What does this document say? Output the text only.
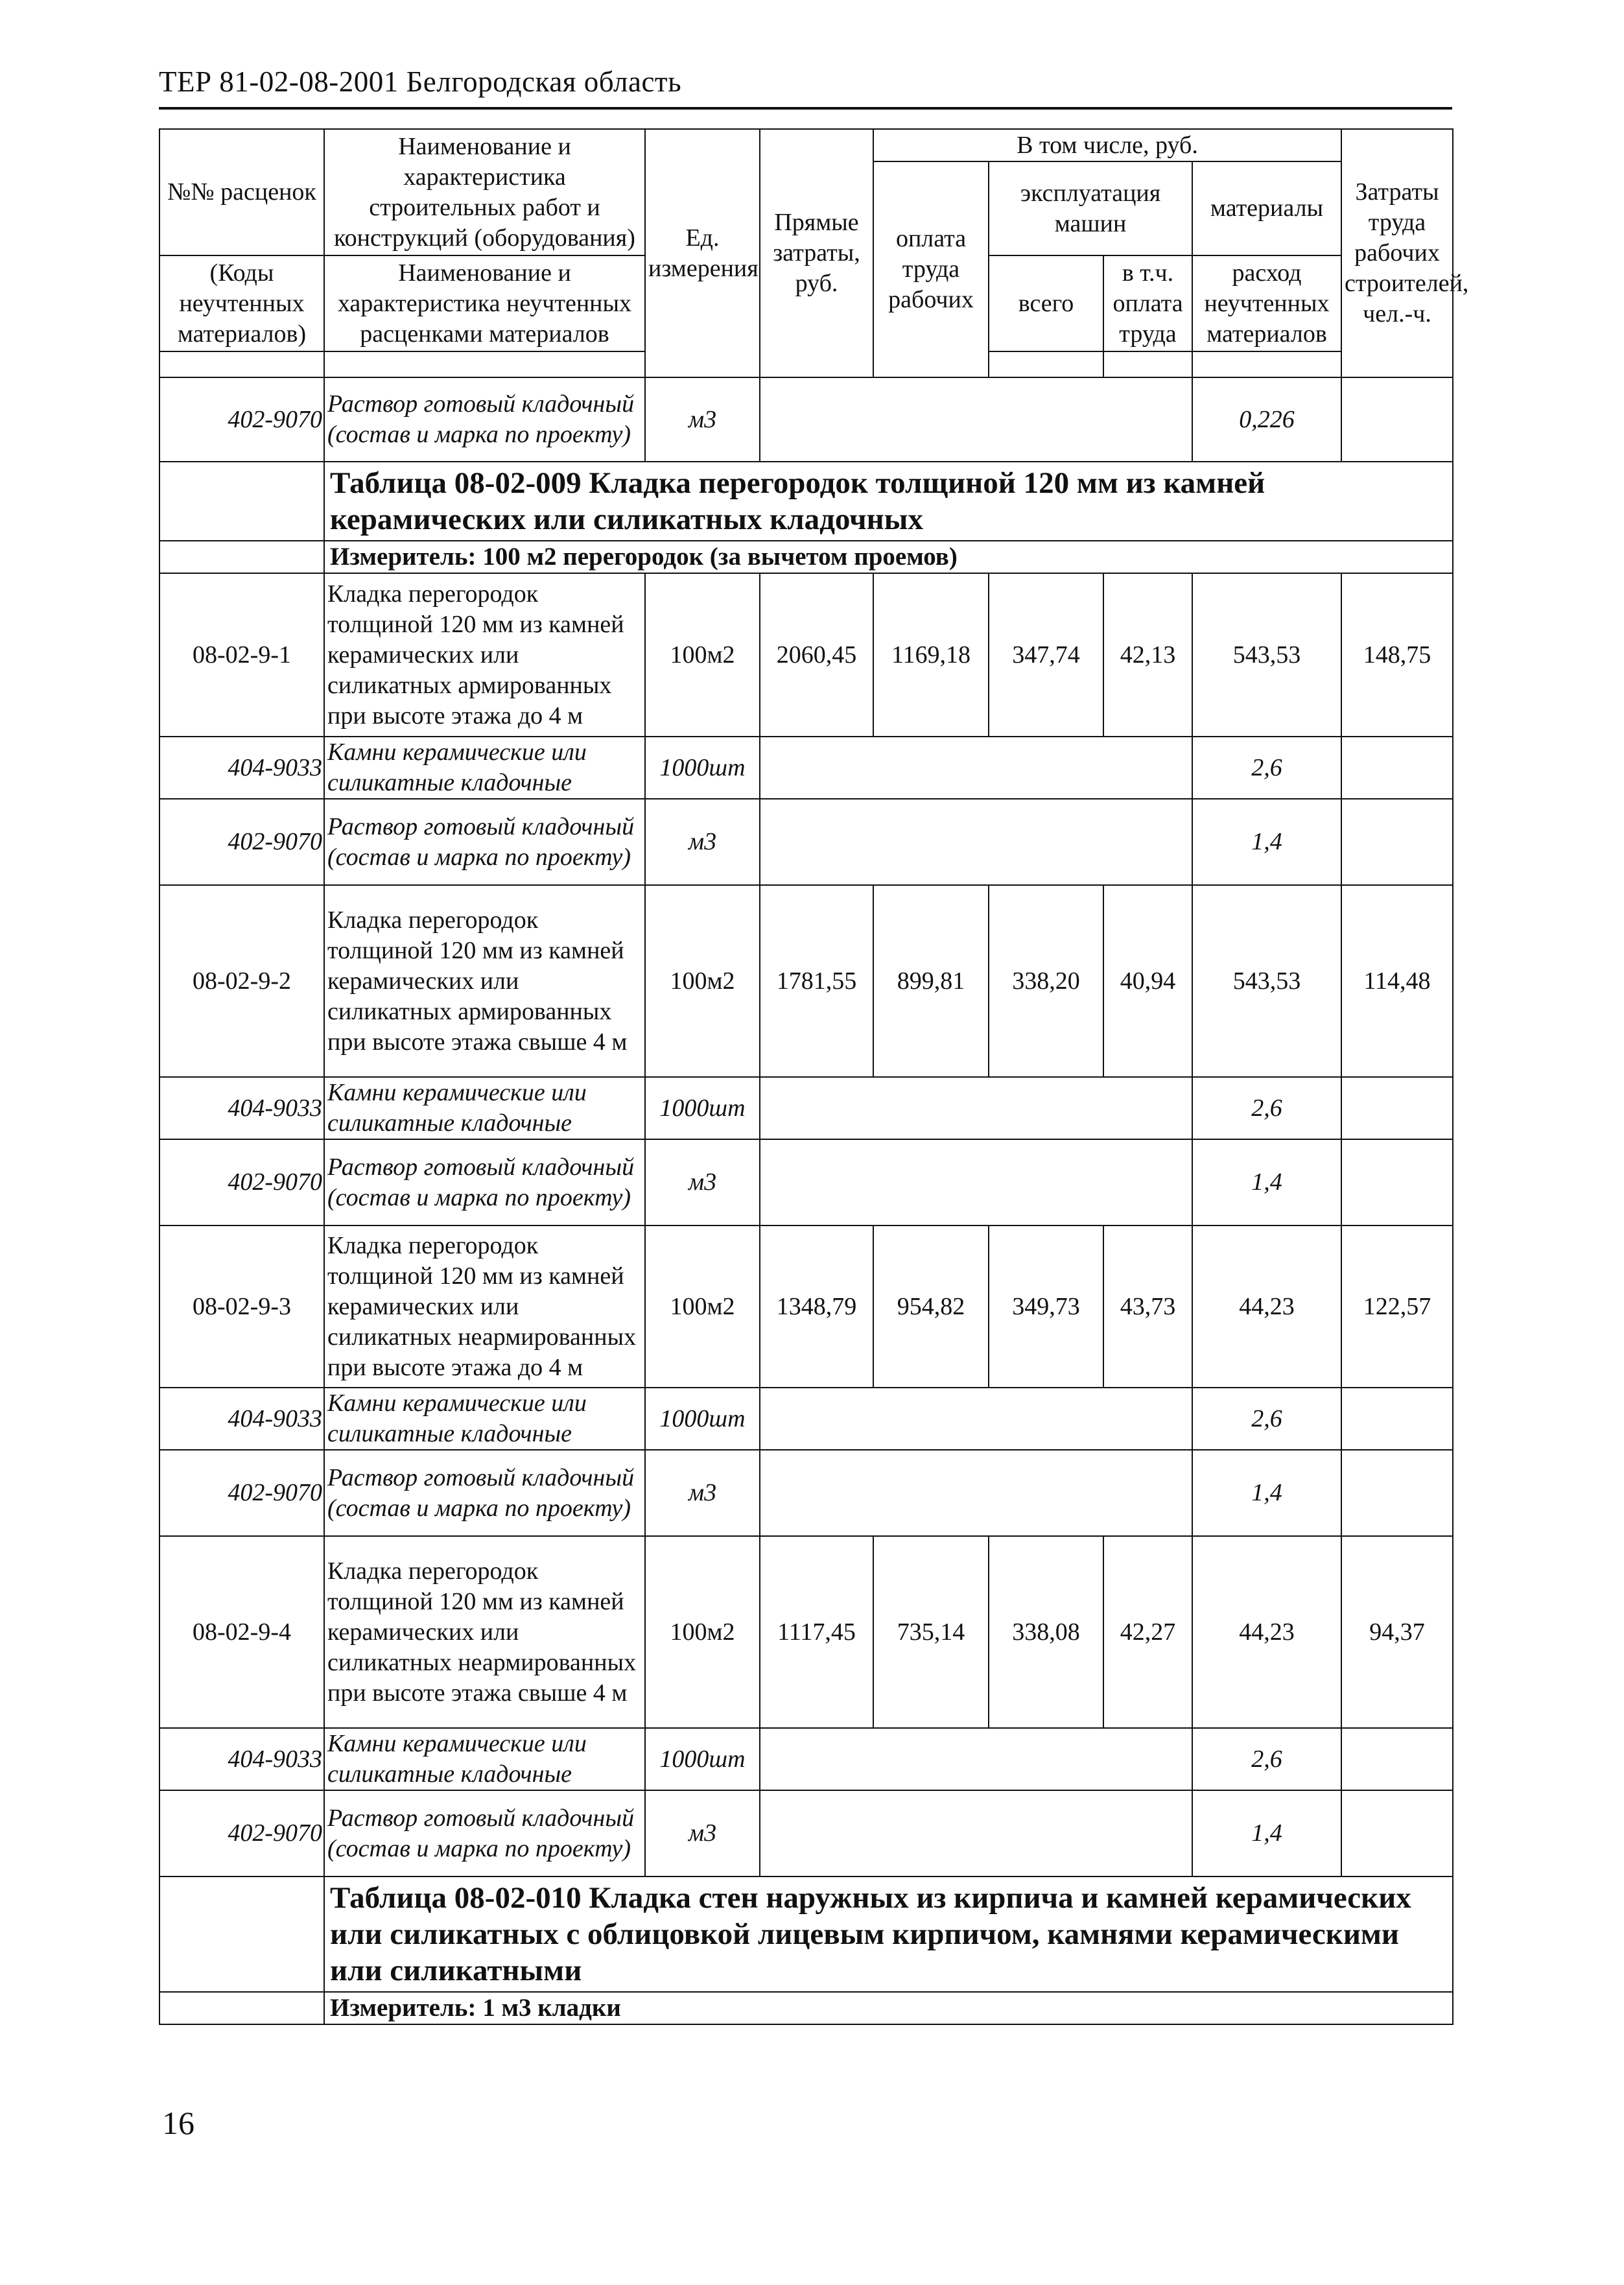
ТЕР 81-02-08-2001 Белгородская область
№№ расценок	Наименование и характеристика строительных работ и конструкций (оборудования)	Ед. измерения	Прямые затраты, руб.	В том числе, руб.				Затраты труда рабочих строителей, чел.-ч.
				оплата труда рабочих	эксплуатация машин		материалы	
(Коды неучтенных материалов)	Наименование и характеристика неучтенных расценками материалов				всего	в т.ч. оплата труда	расход неучтенных материалов	

402-9070	Раствор готовый кладочный (состав и марка по проекту)	м3					0,226	
	Таблица 08-02-009 Кладка перегородок толщиной 120 мм из камней керамических или силикатных кладочных							
	Измеритель: 100 м2 перегородок (за вычетом проемов)							
08-02-9-1	Кладка перегородок толщиной 120 мм из камней керамических или силикатных армированных при высоте этажа до 4 м	100м2	2060,45	1169,18	347,74	42,13	543,53	148,75
404-9033	Камни керамические или силикатные кладочные	1000шт					2,6	
402-9070	Раствор готовый кладочный (состав и марка по проекту)	м3					1,4	
08-02-9-2	Кладка перегородок толщиной 120 мм из камней керамических или силикатных армированных при высоте этажа свыше 4 м	100м2	1781,55	899,81	338,20	40,94	543,53	114,48
404-9033	Камни керамические или силикатные кладочные	1000шт					2,6	
402-9070	Раствор готовый кладочный (состав и марка по проекту)	м3					1,4	
08-02-9-3	Кладка перегородок толщиной 120 мм из камней керамических или силикатных неармированных при высоте этажа до 4 м	100м2	1348,79	954,82	349,73	43,73	44,23	122,57
404-9033	Камни керамические или силикатные кладочные	1000шт					2,6	
402-9070	Раствор готовый кладочный (состав и марка по проекту)	м3					1,4	
08-02-9-4	Кладка перегородок толщиной 120 мм из камней керамических или силикатных неармированных при высоте этажа свыше 4 м	100м2	1117,45	735,14	338,08	42,27	44,23	94,37
404-9033	Камни керамические или силикатные кладочные	1000шт					2,6	
402-9070	Раствор готовый кладочный (состав и марка по проекту)	м3					1,4	
	Таблица 08-02-010 Кладка стен наружных из кирпича и камней керамических или силикатных с облицовкой лицевым кирпичом, камнями керамическими или силикатными							
	Измеритель: 1 м3 кладки							
16
